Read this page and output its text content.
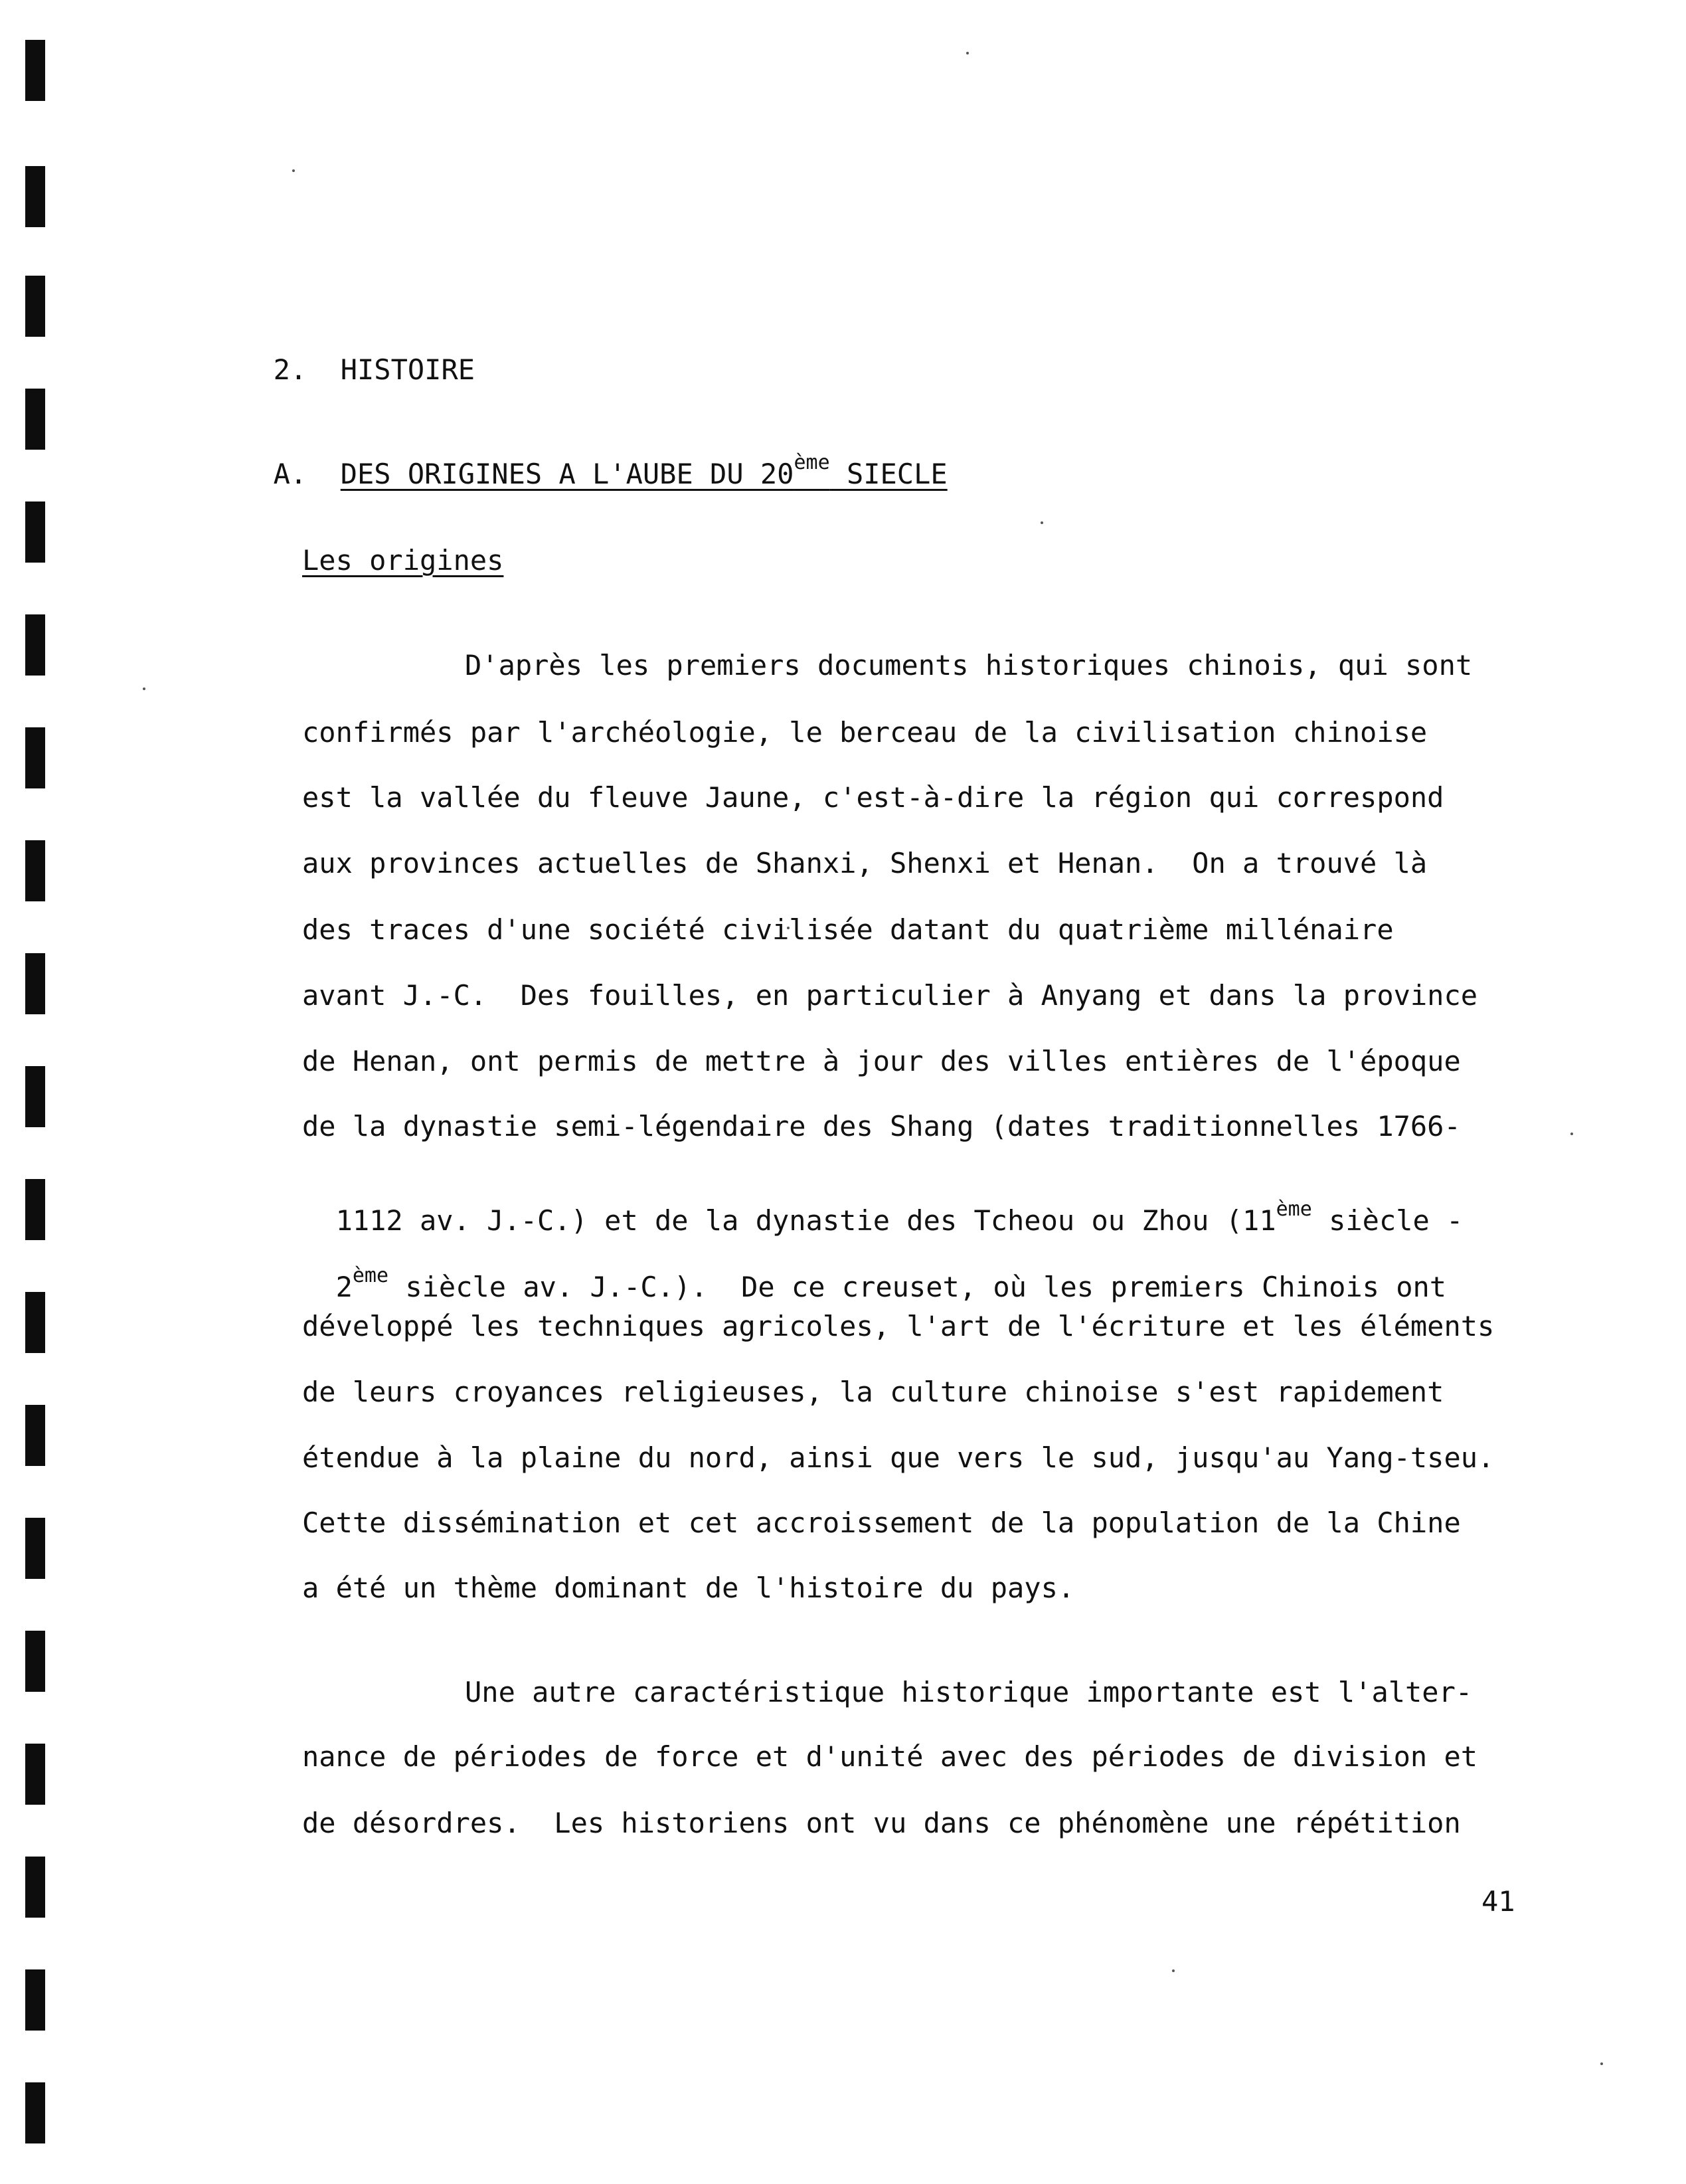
2. HISTOIRE

A. DES ORIGINES A L'AUBE DU 20ème SIECLE

Les origines
D'après les premiers documents historiques chinois, qui sont
confirmés par l'archéologie, le berceau de la civilisation chinoise
est la vallée du fleuve Jaune, c'est-à-dire la région qui correspond
aux provinces actuelles de Shanxi, Shenxi et Henan.  On a trouvé là
des traces d'une société civilisée datant du quatrième millénaire
avant J.-C.  Des fouilles, en particulier à Anyang et dans la province
de Henan, ont permis de mettre à jour des villes entières de l'époque
de la dynastie semi-légendaire des Shang (dates traditionnelles 1766-

1112 av. J.-C.) et de la dynastie des Tcheou ou Zhou (11ème siècle -

2ème siècle av. J.-C.).  De ce creuset, où les premiers Chinois ont

développé les techniques agricoles, l'art de l'écriture et les éléments
de leurs croyances religieuses, la culture chinoise s'est rapidement
étendue à la plaine du nord, ainsi que vers le sud, jusqu'au Yang-tseu.
Cette dissémination et cet accroissement de la population de la Chine
a été un thème dominant de l'histoire du pays.
Une autre caractéristique historique importante est l'alter-
nance de périodes de force et d'unité avec des périodes de division et
de désordres.  Les historiens ont vu dans ce phénomène une répétition
41
